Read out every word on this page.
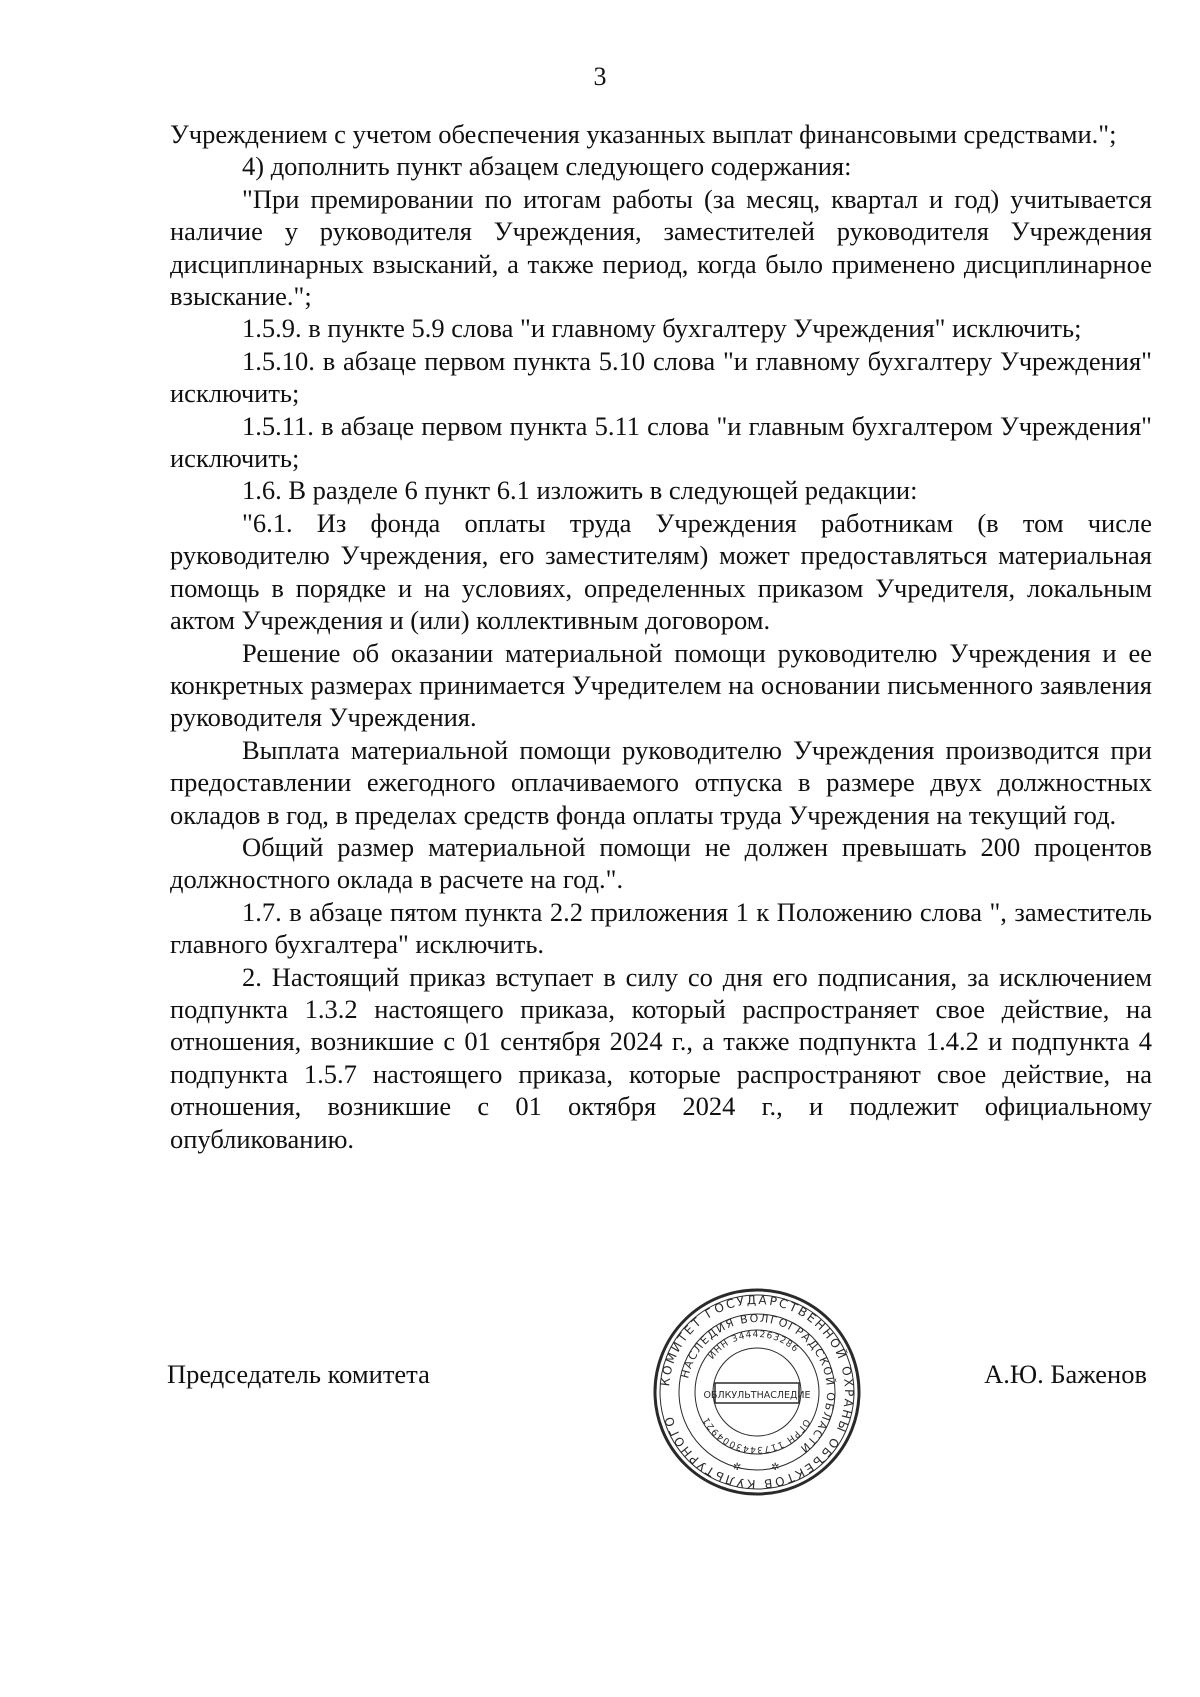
3

Учреждением с учетом обеспечения указанных выплат финансовыми средствами.";

4) дополнить пункт абзацем следующего содержания:

"При премировании по итогам работы (за месяц, квартал и год) учитывается наличие у руководителя Учреждения, заместителей руководителя Учреждения дисциплинарных взысканий, а также период, когда было применено дисциплинарное взыскание.";

1.5.9. в пункте 5.9 слова "и главному бухгалтеру Учреждения" исключить;

1.5.10. в абзаце первом пункта 5.10 слова "и главному бухгалтеру Учреждения" исключить;

1.5.11. в абзаце первом пункта 5.11 слова "и главным бухгалтером Учреждения" исключить;

1.6. В разделе 6 пункт 6.1 изложить в следующей редакции:

"6.1. Из фонда оплаты труда Учреждения работникам (в том числе руководителю Учреждения, его заместителям) может предоставляться материальная помощь в порядке и на условиях, определенных приказом Учредителя, локальным актом Учреждения и (или) коллективным договором.

Решение об оказании материальной помощи руководителю Учреждения и ее конкретных размерах принимается Учредителем на основании письменного заявления руководителя Учреждения.

Выплата материальной помощи руководителю Учреждения производится при предоставлении ежегодного оплачиваемого отпуска в размере двух должностных окладов в год, в пределах средств фонда оплаты труда Учреждения на текущий год.

Общий размер материальной помощи не должен превышать 200 процентов должностного оклада в расчете на год.".

1.7. в абзаце пятом пункта 2.2 приложения 1 к Положению слова ", заместитель главного бухгалтера" исключить.

2. Настоящий приказ вступает в силу со дня его подписания, за исключением подпункта 1.3.2 настоящего приказа, который распространяет свое действие, на отношения, возникшие с 01 сентября 2024 г., а также подпункта 1.4.2 и подпункта 4 подпункта 1.5.7 настоящего приказа, которые распространяют свое действие, на отношения, возникшие с 01 октября 2024 г., и подлежит официальному опубликованию.

Председатель комитета	А.Ю. Баженов
КОМИТЕТ ГОСУДАРСТВЕННОЙ ОХРАНЫ ОБЪЕКТОВ КУЛЬТУРНОГО
НАСЛЕДИЯ ВОЛГОГРАДСКОЙ ОБЛАСТИ
ИНН 3444263286
ОГРН 1173443004921
ОБЛКУЛЬТНАСЛЕДИЕ
✲	✲
